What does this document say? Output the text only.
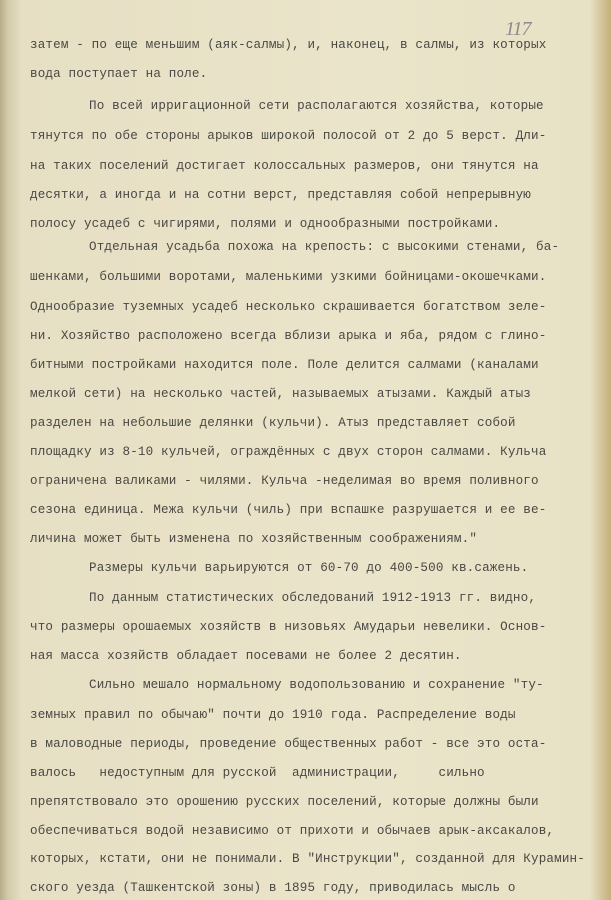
117
затем - по еще меньшим (аяк-салмы), и, наконец, в салмы, из которых
вода поступает на поле.
По всей ирригационной сети располагаются хозяйства, которые
тянутся по обе стороны арыков широкой полосой от 2 до 5 верст. Дли-
на таких поселений достигает колоссальных размеров, они тянутся на
десятки, а иногда и на сотни верст, представляя собой непрерывную
полосу усадеб с чигирями, полями и однообразными постройками.
Отдельная усадьба похожа на крепость: с высокими стенами, ба-
шенками, большими воротами, маленькими узкими бойницами-окошечками.
Однообразие туземных усадеб несколько скрашивается богатством зеле-
ни. Хозяйство расположено всегда вблизи арыка и яба, рядом с глино-
битными постройками находится поле. Поле делится салмами (каналами
мелкой сети) на несколько частей, называемых атызами. Каждый атыз
разделен на небольшие делянки (кульчи). Атыз представляет собой
площадку из 8-10 кульчей, ограждённых с двух сторон салмами. Кульча
ограничена валиками - чилями. Кульча -неделимая во время поливного
сезона единица. Межа кульчи (чиль) при вспашке разрушается и ее ве-
личина может быть изменена по хозяйственным соображениям."
Размеры кульчи варьируются от 60-70 до 400-500 кв.сажень.
По данным статистических обследований 1912-1913 гг. видно,
что размеры орошаемых хозяйств в низовьях Амударьи невелики. Основ-
ная масса хозяйств обладает посевами не более 2 десятин.
Сильно мешало нормальному водопользованию и сохранение "ту-
земных правил по обычаю" почти до 1910 года. Распределение воды
в маловодные периоды, проведение общественных работ - все это оста-
валось   недоступным для русской  администрации,     сильно
препятствовало это орошению русских поселений, которые должны были
обеспечиваться водой независимо от прихоти и обычаев арык-аксакалов,
которых, кстати, они не понимали. В "Инструкции", созданной для Курамин-
ского уезда (Ташкентской зоны) в 1895 году, приводилась мысль о
